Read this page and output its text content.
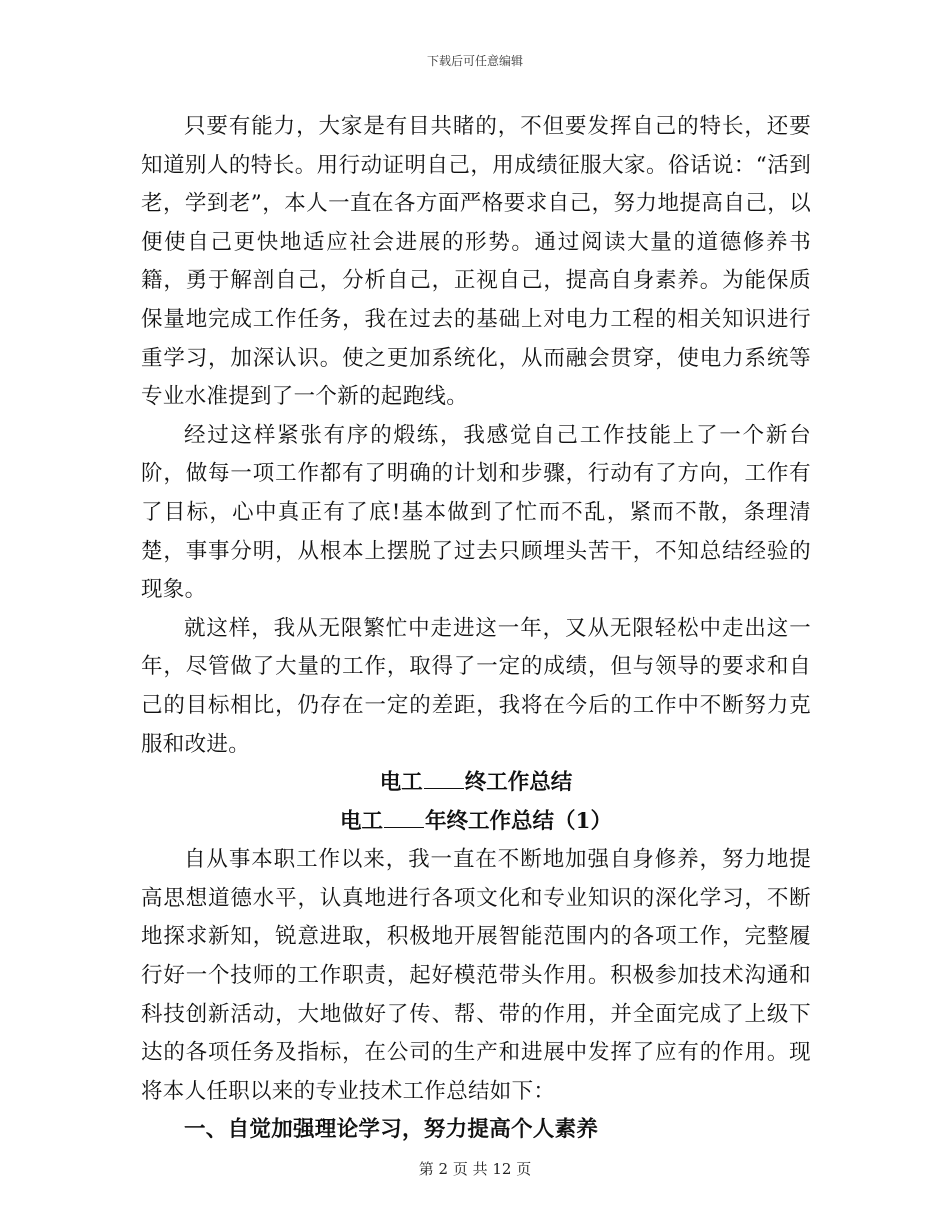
下载后可任意编辑

只要有能力，大家是有目共睹的，不但要发挥自己的特长，还要知道别人的特长。用行动证明自己，用成绩征服大家。俗话说：“活到老，学到老”，本人一直在各方面严格要求自己，努力地提高自己，以便使自己更快地适应社会进展的形势。通过阅读大量的道德修养书籍，勇于解剖自己，分析自己，正视自己，提高自身素养。为能保质保量地完成工作任务，我在过去的基础上对电力工程的相关知识进行重学习，加深认识。使之更加系统化，从而融会贯穿，使电力系统等专业水准提到了一个新的起跑线。

经过这样紧张有序的煅练，我感觉自己工作技能上了一个新台阶，做每一项工作都有了明确的计划和步骤，行动有了方向，工作有了目标，心中真正有了底!基本做到了忙而不乱，紧而不散，条理清楚，事事分明，从根本上摆脱了过去只顾埋头苦干，不知总结经验的现象。

就这样，我从无限繁忙中走进这一年，又从无限轻松中走出这一年，尽管做了大量的工作，取得了一定的成绩，但与领导的要求和自己的目标相比，仍存在一定的差距，我将在今后的工作中不断努力克服和改进。

电工 终工作总结

电工 年终工作总结（1）

自从事本职工作以来，我一直在不断地加强自身修养，努力地提高思想道德水平，认真地进行各项文化和专业知识的深化学习，不断地探求新知，锐意进取，积极地开展智能范围内的各项工作，完整履行好一个技师的工作职责，起好模范带头作用。积极参加技术沟通和科技创新活动，大地做好了传、帮、带的作用，并全面完成了上级下达的各项任务及指标，在公司的生产和进展中发挥了应有的作用。现将本人任职以来的专业技术工作总结如下：

一、自觉加强理论学习，努力提高个人素养

第 2 页 共 12 页
